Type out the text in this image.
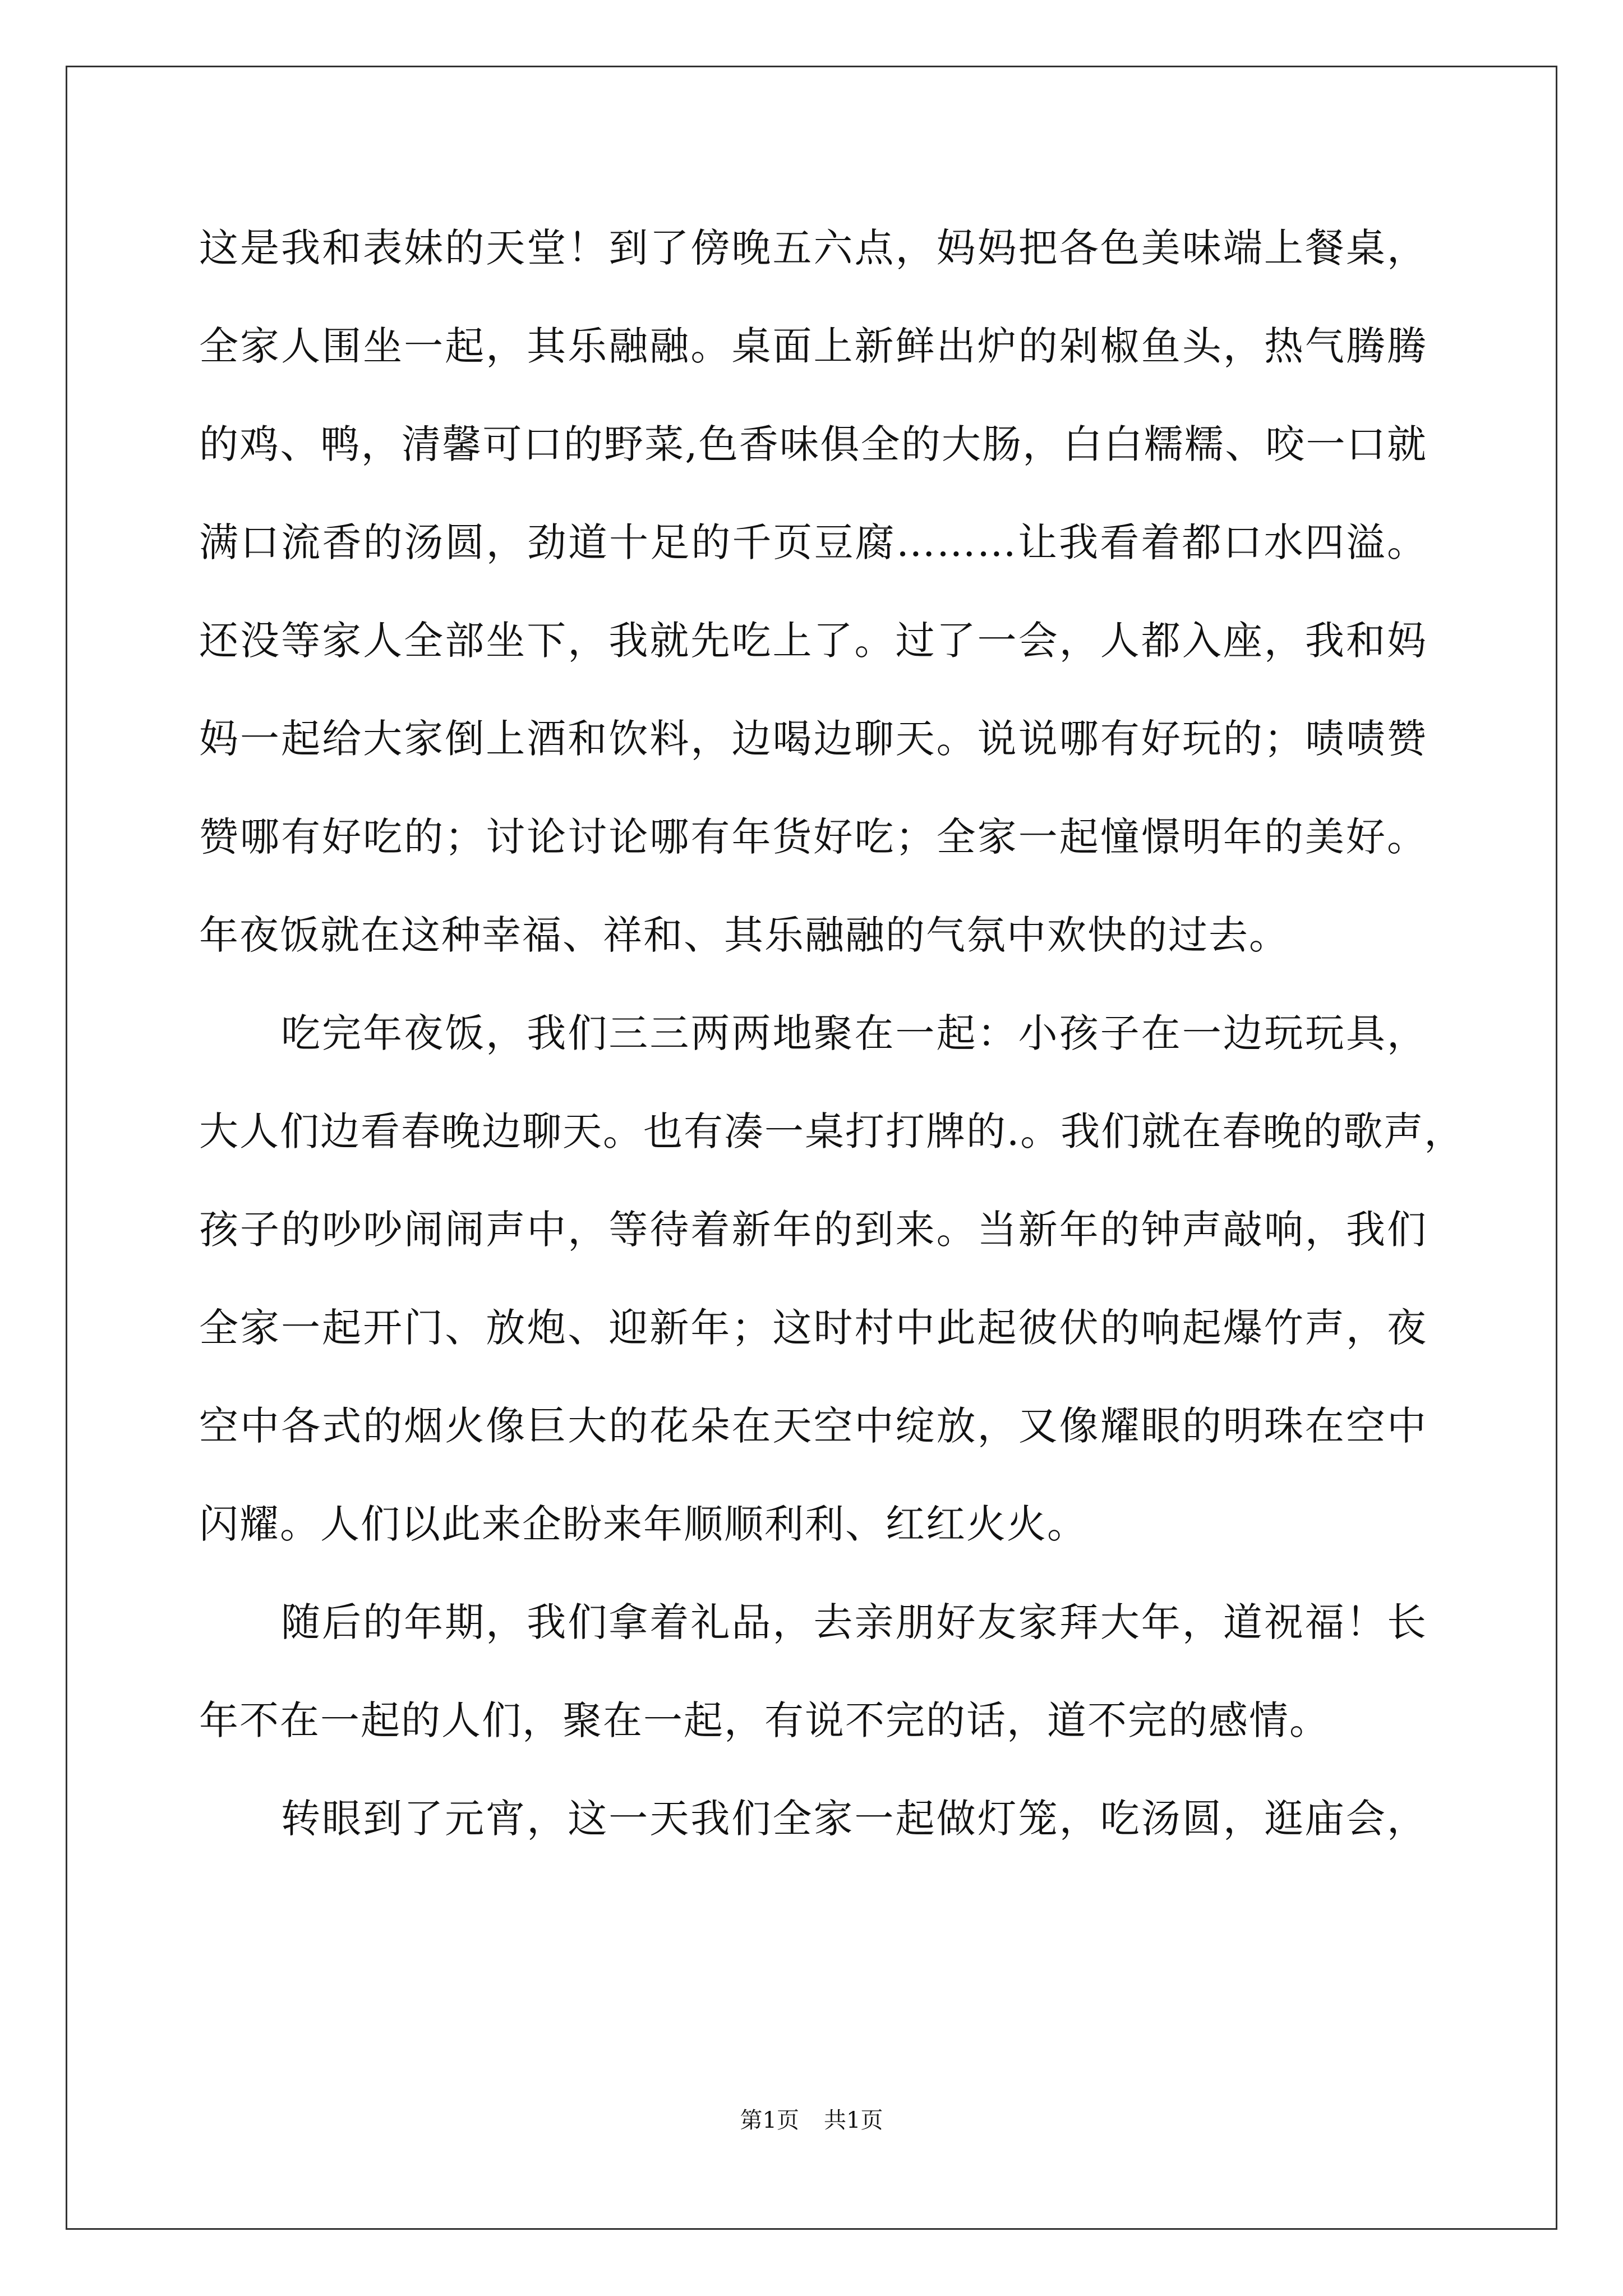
这是我和表妹的天堂！到了傍晚五六点，妈妈把各色美味端上餐桌，
全家人围坐一起，其乐融融。桌面上新鲜出炉的剁椒鱼头，热气腾腾
的鸡、鸭，清馨可口的野菜,色香味俱全的大肠，白白糯糯、咬一口就
满口流香的汤圆，劲道十足的千页豆腐………让我看着都口水四溢。
还没等家人全部坐下，我就先吃上了。过了一会，人都入座，我和妈
妈一起给大家倒上酒和饮料，边喝边聊天。说说哪有好玩的；啧啧赞
赞哪有好吃的；讨论讨论哪有年货好吃；全家一起憧憬明年的美好。
年夜饭就在这种幸福、祥和、其乐融融的气氛中欢快的过去。
吃完年夜饭，我们三三两两地聚在一起：小孩子在一边玩玩具，
大人们边看春晚边聊天。也有凑一桌打打牌的.。我们就在春晚的歌声，
孩子的吵吵闹闹声中，等待着新年的到来。当新年的钟声敲响，我们
全家一起开门、放炮、迎新年；这时村中此起彼伏的响起爆竹声，夜
空中各式的烟火像巨大的花朵在天空中绽放，又像耀眼的明珠在空中
闪耀。人们以此来企盼来年顺顺利利、红红火火。
随后的年期，我们拿着礼品，去亲朋好友家拜大年，道祝福！长
年不在一起的人们，聚在一起，有说不完的话，道不完的感情。
转眼到了元宵，这一天我们全家一起做灯笼，吃汤圆，逛庙会，
第1页 共1页
